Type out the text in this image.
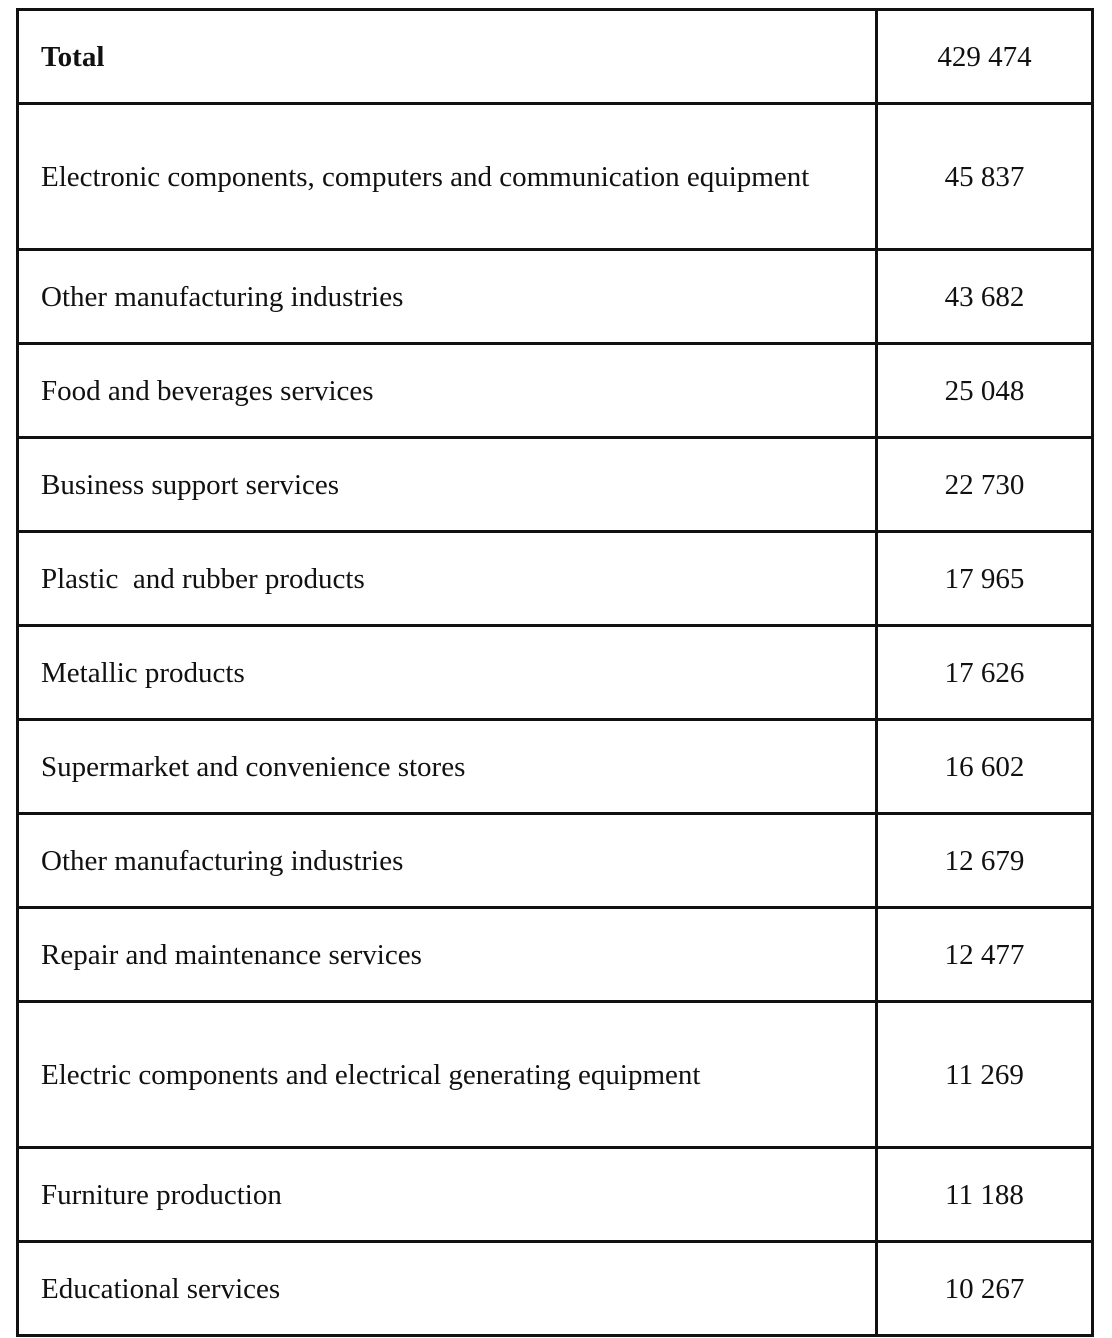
Total	429 474
Electronic components, computers and communication equipment	45 837
Other manufacturing industries	43 682
Food and beverages services	25 048
Business support services	22 730
Plastic  and rubber products	17 965
Metallic products	17 626
Supermarket and convenience stores	16 602
Other manufacturing industries	12 679
Repair and maintenance services	12 477
Electric components and electrical generating equipment	11 269
Furniture production	11 188
Educational services	10 267
